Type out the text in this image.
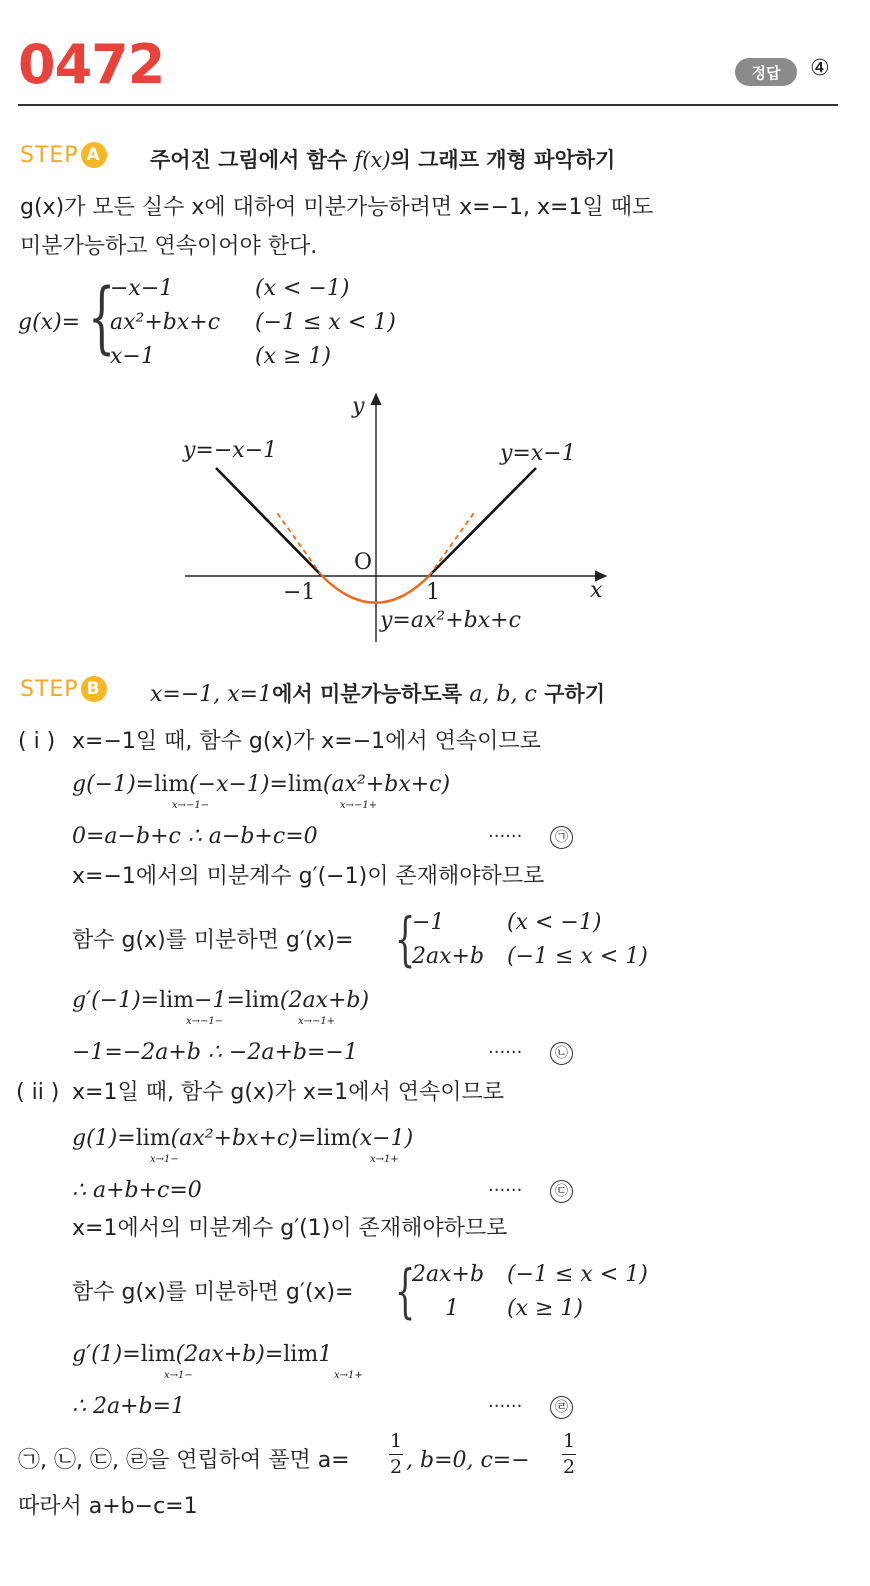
0472	정답	④
STEP A 주어진 그림에서 함수 f(x)의 그래프 개형 파악하기
g(x)가 모든 실수 x에 대하여 미분가능하려면 x=−1, x=1일 때도
미분가능하고 연속이어야 한다.
g(x)= {
−x−1	(x < −1)
ax²+bx+c (−1 ≤ x < 1)
x−1	(x ≥ 1)
y=−x−1	y=x−1
y=ax²+bx+c
y
x
O
−1	1
STEP B x=−1, x=1에서 미분가능하도록 a, b, c 구하기
( i ) x=−1일 때, 함수 g(x)가 x=−1에서 연속이므로
g(−1)=lim(−x−1)=lim(ax²+bx+c)
x→−1−	x→−1+
0=a−b+c ∴ a−b+c=0	······	㉠
x=−1에서의 미분계수 g′(−1)이 존재해야하므로
함수 g(x)를 미분하면 g′(x)= {
−1	(x < −1)
2ax+b (−1 ≤ x < 1)
g′(−1)=lim−1=lim(2ax+b)
x→−1−	x→−1+
−1=−2a+b ∴ −2a+b=−1	······	㉡
( ii ) x=1일 때, 함수 g(x)가 x=1에서 연속이므로
g(1)=lim(ax²+bx+c)=lim(x−1)
x→1−	x→1+
∴ a+b+c=0	······	㉢
x=1에서의 미분계수 g′(1)이 존재해야하므로
함수 g(x)를 미분하면 g′(x)= {
2ax+b (−1 ≤ x < 1)
1 (x ≥ 1)
g′(1)=lim(2ax+b)=lim1
x→1−	x→1+
∴ 2a+b=1	······	㉣
㉠, ㉡, ㉢, ㉣을 연립하여 풀면 a=
1
2 , b=0, c=−
1
2
따라서 a+b−c=1
